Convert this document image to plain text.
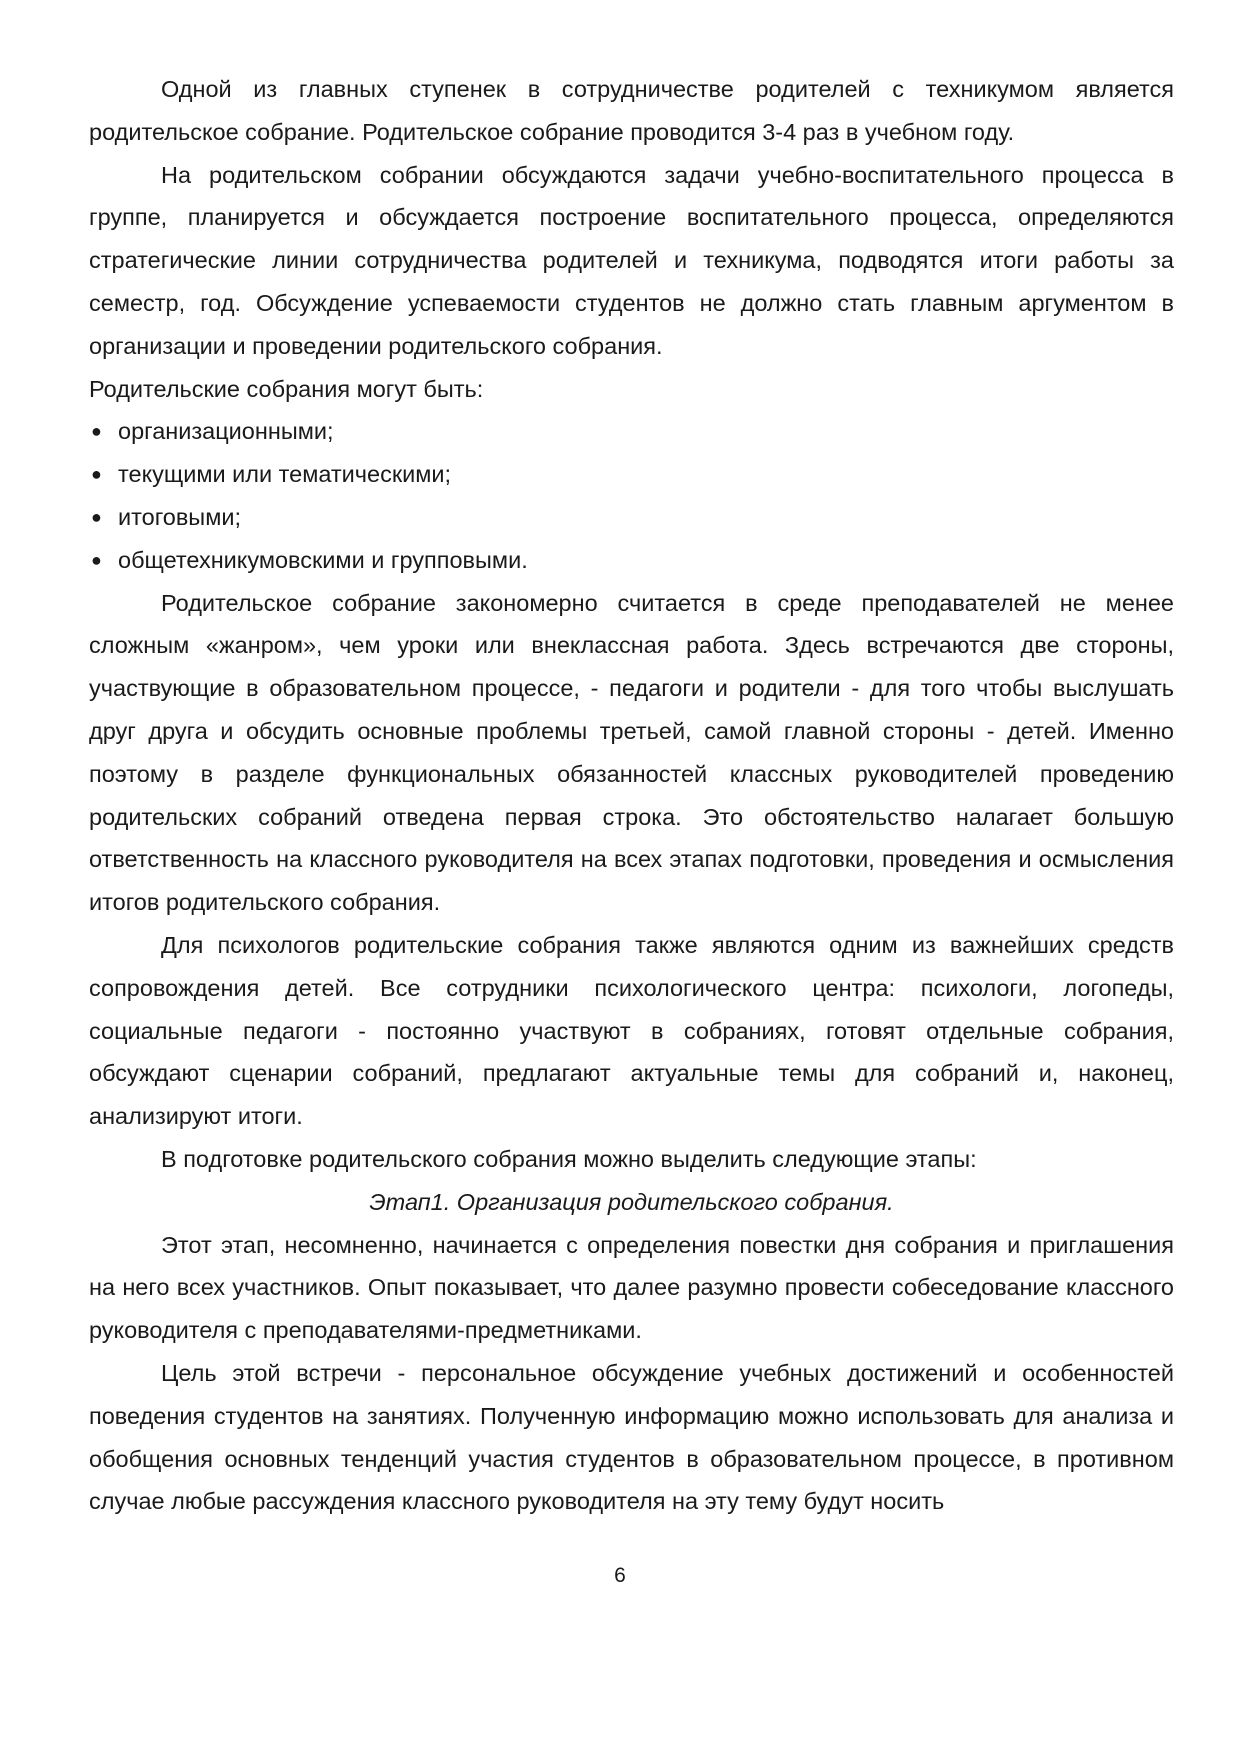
Одной из главных ступенек в сотрудничестве родителей с техникумом является родительское собрание. Родительское собрание проводится 3-4 раз в учебном году.

На родительском собрании обсуждаются задачи учебно-воспитательного процесса в группе, планируется и обсуждается построение воспитательного процесса, определяются стратегические линии сотрудничества родителей и техникума, подводятся итоги работы за семестр, год. Обсуждение успеваемости студентов не должно стать главным аргументом в организации и проведении родительского собрания.

Родительские собрания могут быть:

● организационными;
● текущими или тематическими;
● итоговыми;
● общетехникумовскими и групповыми.

Родительское собрание закономерно считается в среде преподавателей не менее сложным «жанром», чем уроки или внеклассная работа. Здесь встречаются две стороны, участвующие в образовательном процессе, - педагоги и родители - для того чтобы выслушать друг друга и обсудить основные проблемы третьей, самой главной стороны - детей. Именно поэтому в разделе функциональных обязанностей классных руководителей проведению родительских собраний отведена первая строка. Это обстоятельство налагает большую ответственность на классного руководителя на всех этапах подготовки, проведения и осмысления итогов родительского собрания.

Для психологов родительские собрания также являются одним из важнейших средств сопровождения детей. Все сотрудники психологического центра: психологи, логопеды, социальные педагоги - постоянно участвуют в собраниях, готовят отдельные собрания, обсуждают сценарии собраний, предлагают актуальные темы для собраний и, наконец, анализируют итоги.

В подготовке родительского собрания можно выделить следующие этапы:

Этап1. Организация родительского собрания.

Этот этап, несомненно, начинается с определения повестки дня собрания и приглашения на него всех участников. Опыт показывает, что далее разумно провести собеседование классного руководителя с преподавателями-предметниками.

Цель этой встречи - персональное обсуждение учебных достижений и особенностей поведения студентов на занятиях. Полученную информацию можно использовать для анализа и обобщения основных тенденций участия студентов в образовательном процессе, в противном случае любые рассуждения классного руководителя на эту тему будут носить

6
